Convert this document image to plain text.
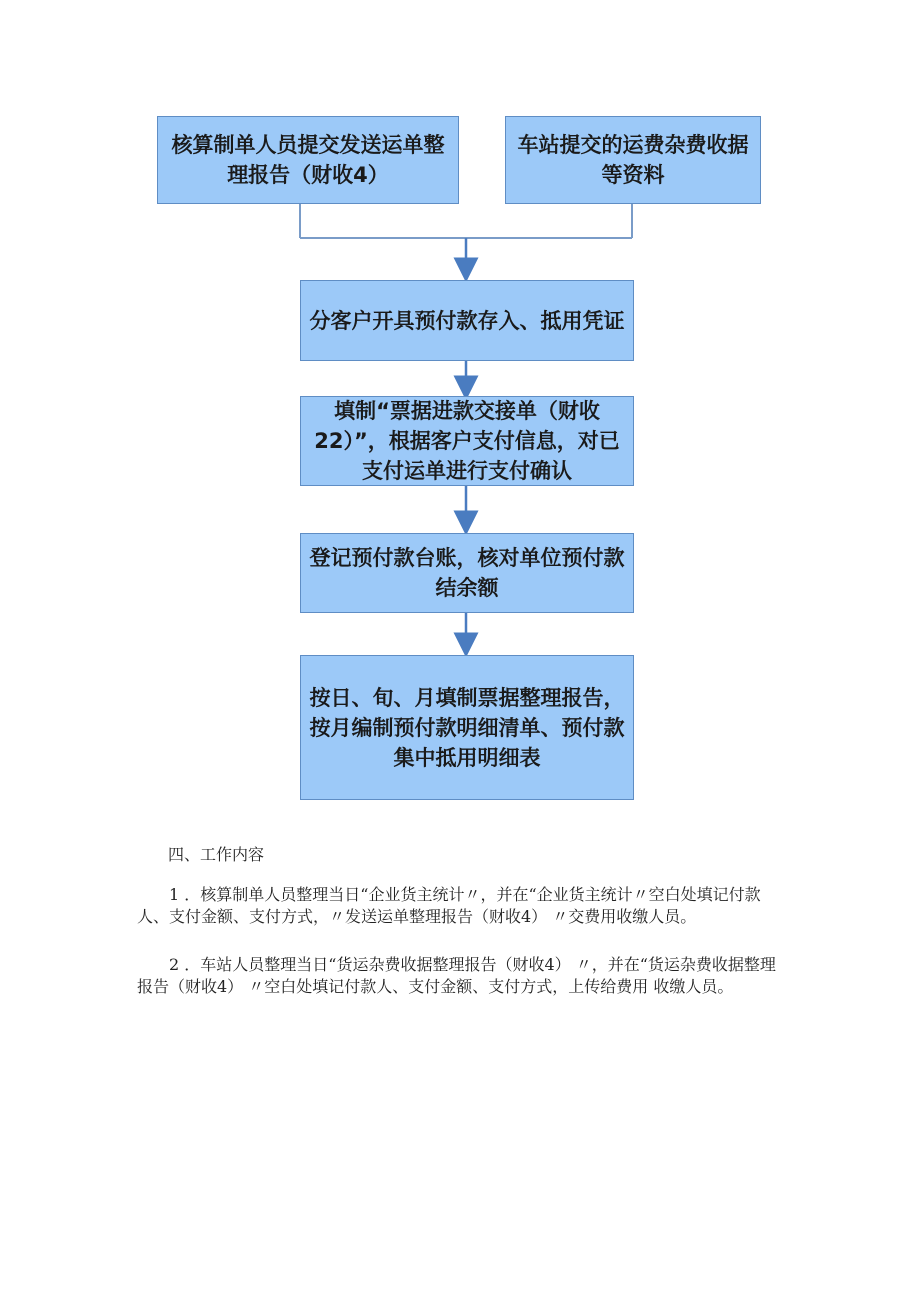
核算制单人员提交发送运单整理报告（财收4）
车站提交的运费杂费收据等资料
分客户开具预付款存入、抵用凭证
填制“票据进款交接单（财收22）”，根据客户支付信息，对已支付运单进行支付确认
登记预付款台账，核对单位预付款结余额
按日、旬、月填制票据整理报告，按月编制预付款明细清单、预付款集中抵用明细表
四、工作内容
1 ．核算制单人员整理当日“企业货主统计〃，并在“企业货主统计〃空白处填记付款人、支付金额、支付方式，〃发送运单整理报告（财收4） 〃交费用收缴人员。
2 ．车站人员整理当日“货运杂费收据整理报告（财收4） 〃，并在“货运杂费收据整理报告（财收4） 〃空白处填记付款人、支付金额、支付方式，上传给费用 收缴人员。
